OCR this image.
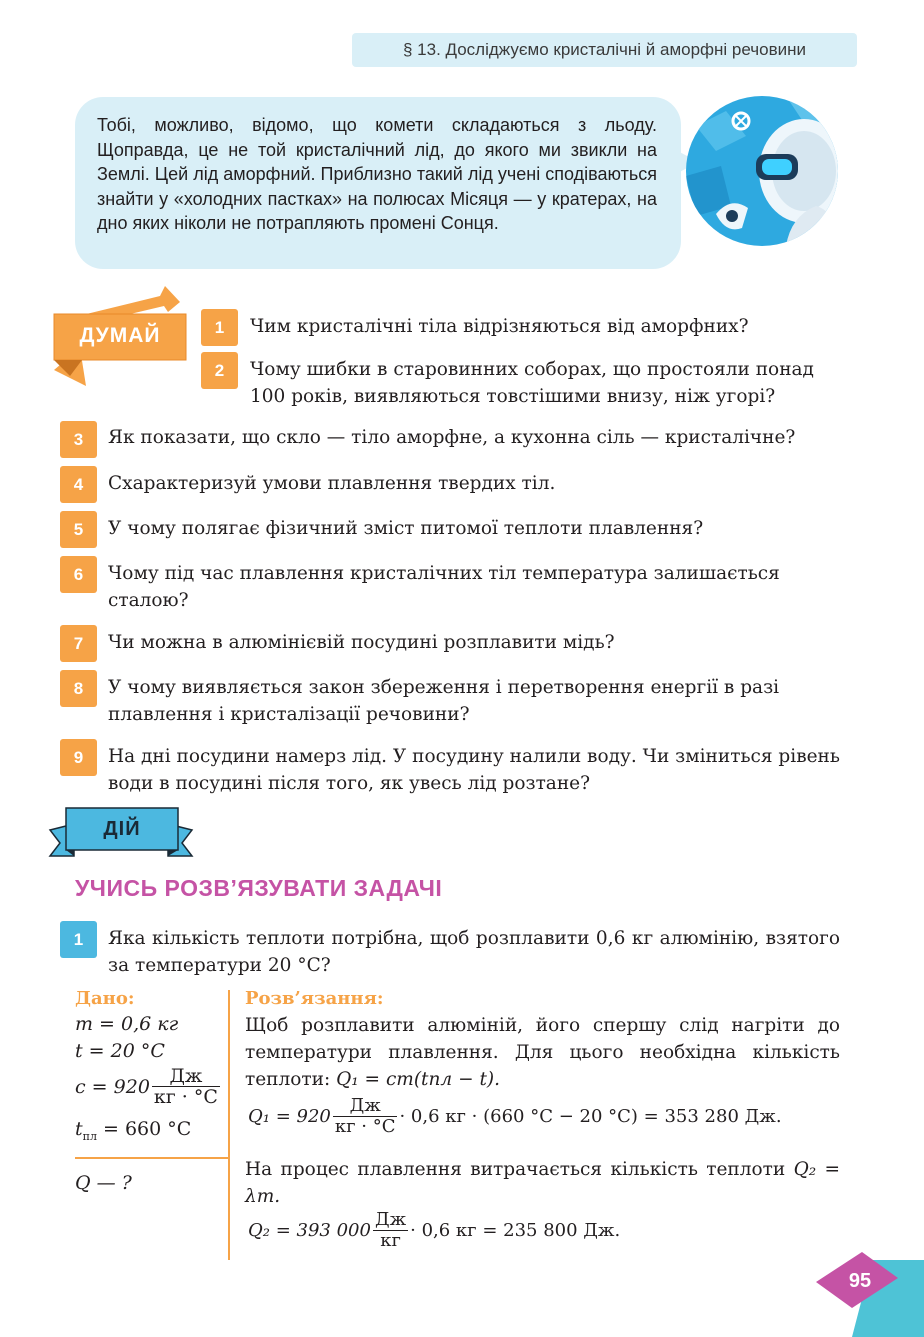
§ 13. Досліджуємо кристалічні й аморфні речовини
Тобі, можливо, відомо, що комети складаються з льоду. Щоправда, це не той кристалічний лід, до якого ми звикли на Землі. Цей лід аморфний. Приблизно такий лід учені сподіваються знайти у «холодних пастках» на полюсах Місяця — у кратерах, на дно яких ніколи не потрапляють промені Сонця.
ДУМАЙ	1	Чим кристалічні тіла відрізняються від аморфних?
2	Чому шибки в старовинних соборах, що простояли понад 100 років, виявляються товстішими внизу, ніж угорі?
3	Як показати, що скло — тіло аморфне, а кухонна сіль — кристалічне?
4	Схарактеризуй умови плавлення твердих тіл.
5	У чому полягає фізичний зміст питомої теплоти плавлення?
6	Чому під час плавлення кристалічних тіл температура залишається сталою?
7	Чи можна в алюмінієвій посудині розплавити мідь?
8	У чому виявляється закон збереження і перетворення енергії в разі плавлення і кристалізації речовини?
9	На дні посудини намерз лід. У посудину налили воду. Чи зміниться рівень води в посудині після того, як увесь лід розтане?
ДІЙ
УЧИСЬ РОЗВ’ЯЗУВАТИ ЗАДАЧІ
1	Яка кількість теплоти потрібна, щоб розплавити 0,6 кг алюмінію, взятого за температури 20 °С?
Дано:
m = 0,6 кг
t = 20 °C
$c = 920 \frac{Дж}{кг \cdot ^\circ C}$
$t_{пл} = 660$ °C
Q — ?
Розв’язання:
Щоб розплавити алюміній, його спершу слід нагріти до температури плавлення. Для цього необхідна кількість теплоти: Q₁ = cm(tпл − t).
$Q_1 = 920 \frac{Дж}{кг \cdot ^\circ С} \cdot 0,6$ кг · (660 °С − 20 °С) = 353 280 Дж.
На процес плавлення витрачається кількість теплоти Q₂ = λm.
Q₂ = 393 $000 \frac{Дж}{кг} \cdot 0,6$ кг = 235 800 Дж.
95
